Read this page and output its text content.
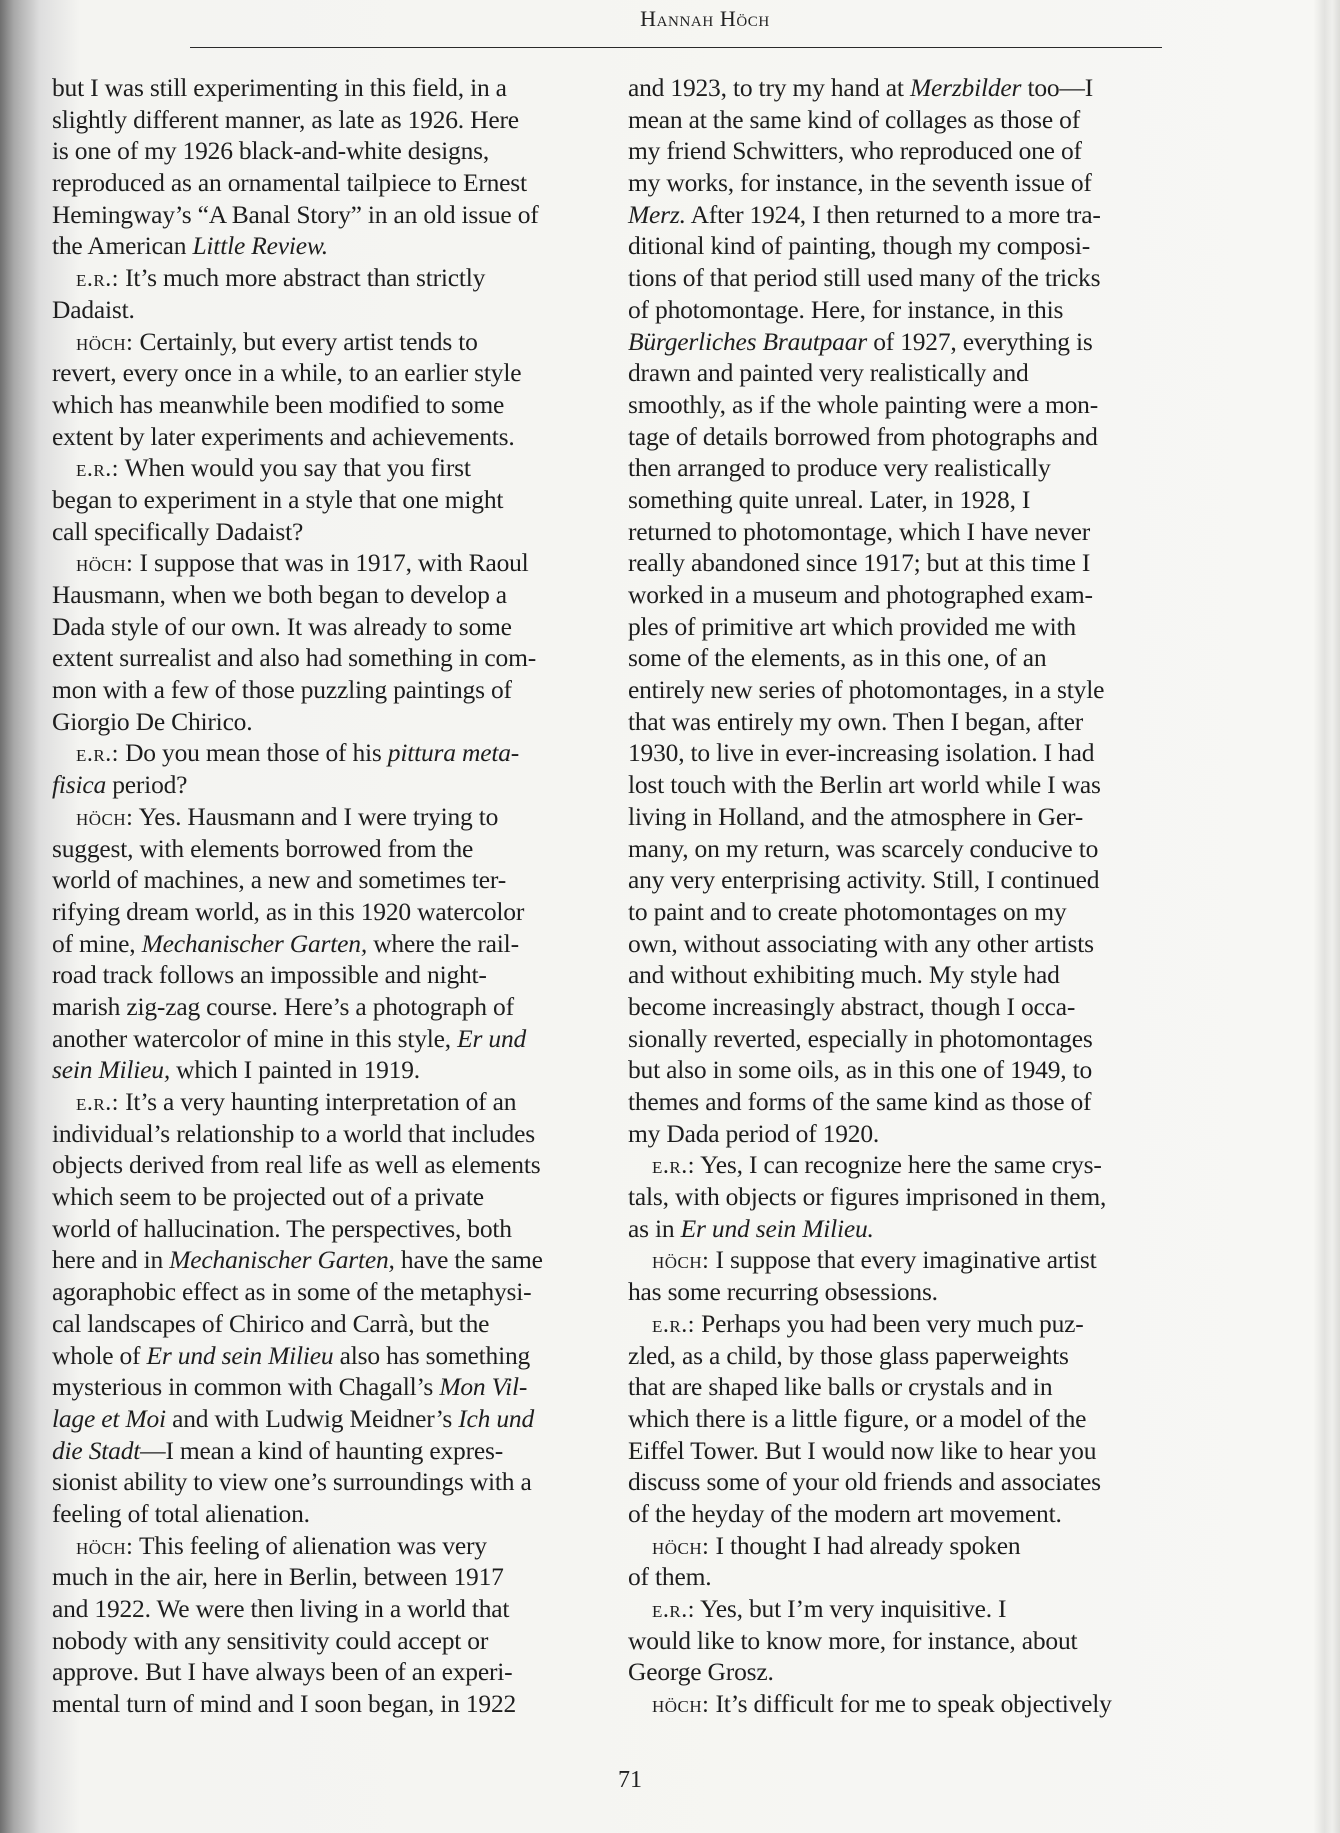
Hannah Höch
but I was still experimenting in this field, in a
slightly different manner, as late as 1926. Here
is one of my 1926 black-and-white designs,
reproduced as an ornamental tailpiece to Ernest
Hemingway’s “A Banal Story” in an old issue of
the American Little Review.
e.r.: It’s much more abstract than strictly
Dadaist.
höch: Certainly, but every artist tends to
revert, every once in a while, to an earlier style
which has meanwhile been modified to some
extent by later experiments and achievements.
e.r.: When would you say that you first
began to experiment in a style that one might
call specifically Dadaist?
höch: I suppose that was in 1917, with Raoul
Hausmann, when we both began to develop a
Dada style of our own. It was already to some
extent surrealist and also had something in com-
mon with a few of those puzzling paintings of
Giorgio De Chirico.
e.r.: Do you mean those of his pittura meta-
fisica period?
höch: Yes. Hausmann and I were trying to
suggest, with elements borrowed from the
world of machines, a new and sometimes ter-
rifying dream world, as in this 1920 watercolor
of mine, Mechanischer Garten, where the rail-
road track follows an impossible and night-
marish zig-zag course. Here’s a photograph of
another watercolor of mine in this style, Er und
sein Milieu, which I painted in 1919.
e.r.: It’s a very haunting interpretation of an
individual’s relationship to a world that includes
objects derived from real life as well as elements
which seem to be projected out of a private
world of hallucination. The perspectives, both
here and in Mechanischer Garten, have the same
agoraphobic effect as in some of the metaphysi-
cal landscapes of Chirico and Carrà, but the
whole of Er und sein Milieu also has something
mysterious in common with Chagall’s Mon Vil-
lage et Moi and with Ludwig Meidner’s Ich und
die Stadt—I mean a kind of haunting expres-
sionist ability to view one’s surroundings with a
feeling of total alienation.
höch: This feeling of alienation was very
much in the air, here in Berlin, between 1917
and 1922. We were then living in a world that
nobody with any sensitivity could accept or
approve. But I have always been of an experi-
mental turn of mind and I soon began, in 1922
and 1923, to try my hand at Merzbilder too—I
mean at the same kind of collages as those of
my friend Schwitters, who reproduced one of
my works, for instance, in the seventh issue of
Merz. After 1924, I then returned to a more tra-
ditional kind of painting, though my composi-
tions of that period still used many of the tricks
of photomontage. Here, for instance, in this
Bürgerliches Brautpaar of 1927, everything is
drawn and painted very realistically and
smoothly, as if the whole painting were a mon-
tage of details borrowed from photographs and
then arranged to produce very realistically
something quite unreal. Later, in 1928, I
returned to photomontage, which I have never
really abandoned since 1917; but at this time I
worked in a museum and photographed exam-
ples of primitive art which provided me with
some of the elements, as in this one, of an
entirely new series of photomontages, in a style
that was entirely my own. Then I began, after
1930, to live in ever-increasing isolation. I had
lost touch with the Berlin art world while I was
living in Holland, and the atmosphere in Ger-
many, on my return, was scarcely conducive to
any very enterprising activity. Still, I continued
to paint and to create photomontages on my
own, without associating with any other artists
and without exhibiting much. My style had
become increasingly abstract, though I occa-
sionally reverted, especially in photomontages
but also in some oils, as in this one of 1949, to
themes and forms of the same kind as those of
my Dada period of 1920.
e.r.: Yes, I can recognize here the same crys-
tals, with objects or figures imprisoned in them,
as in Er und sein Milieu.
höch: I suppose that every imaginative artist
has some recurring obsessions.
e.r.: Perhaps you had been very much puz-
zled, as a child, by those glass paperweights
that are shaped like balls or crystals and in
which there is a little figure, or a model of the
Eiffel Tower. But I would now like to hear you
discuss some of your old friends and associates
of the heyday of the modern art movement.
höch: I thought I had already spoken
of them.
e.r.: Yes, but I’m very inquisitive. I
would like to know more, for instance, about
George Grosz.
höch: It’s difficult for me to speak objectively
71
